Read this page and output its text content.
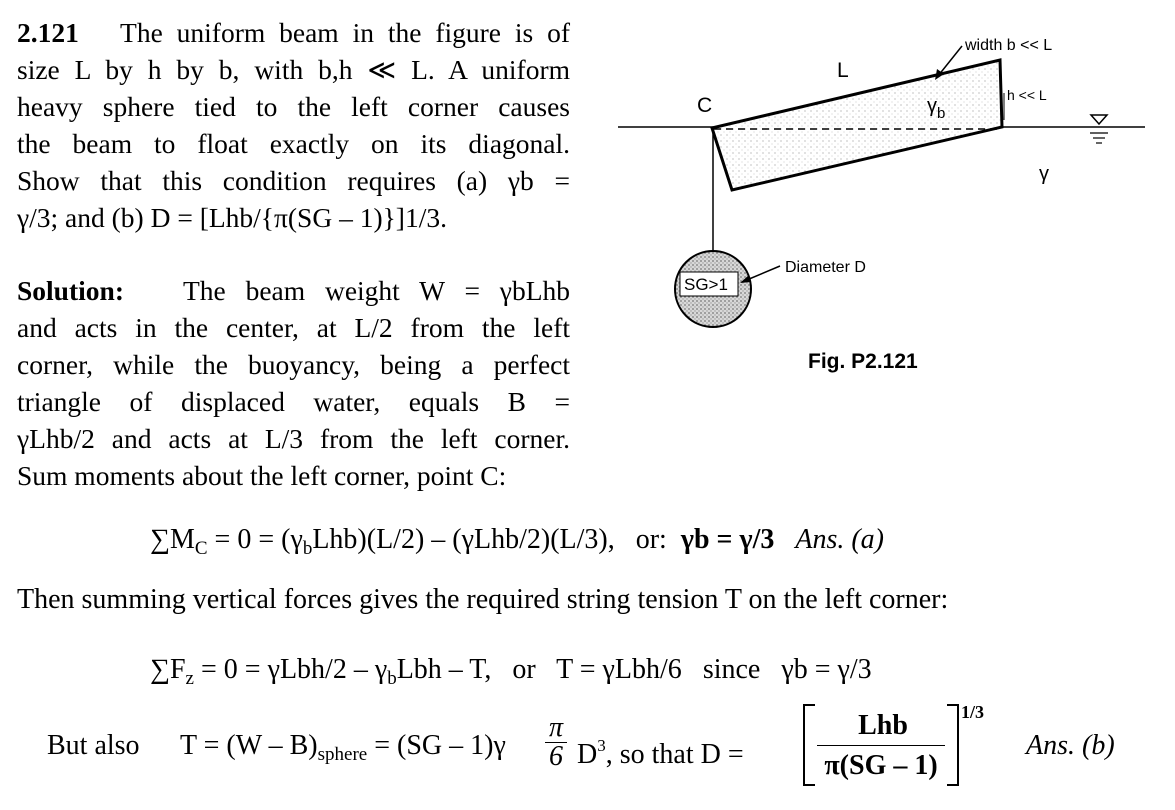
2.121 The uniform beam in the figure is of
size L by h by b, with b,h ≪ L. A uniform
heavy sphere tied to the left corner causes
the beam to float exactly on its diagonal.
Show that this condition requires (a) γb =
γ/3; and (b) D = [Lhb/{π(SG – 1)}]1/3.
Solution: The beam weight W = γbLhb
and acts in the center, at L/2 from the left
corner, while the buoyancy, being a perfect
triangle of displaced water, equals B =
γLhb/2 and acts at L/3 from the left corner.
Sum moments about the left corner, point C:
SG>1
Diameter D
C
L
width b << L
$\gamma_b$
h << L
γ
Fig. P2.121
$\sum M_C = 0 = (\gamma_bLhb)(L/2) - (\gamma Lhb/2)(L/3)$, or: γb = γ/3 Ans. (a)
Then summing vertical forces gives the required string tension T on the left corner:
$\sum F_z = 0 = \gamma Lbh/2 - \gamma_bLbh - T$, or T = γLbh/6 since γb = γ/3
But also $T = (W - B)_{sphere} = (SG - 1)\gamma \frac{\pi}{6} D^3$, so that D =
Lhb
π(SG – 1)
1/3
Ans. (b)
